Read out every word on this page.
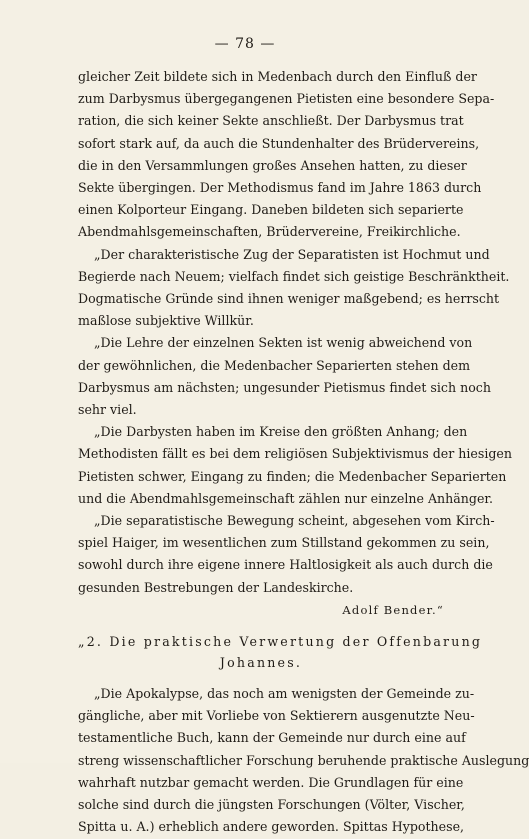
— 78 —
gleicher Zeit bildete sich in Medenbach durch den Einfluß der
zum Darbysmus übergegangenen Pietisten eine besondere Sepa-
ration, die sich keiner Sekte anschließt. Der Darbysmus trat
sofort stark auf, da auch die Stundenhalter des Brüdervereins,
die in den Versammlungen großes Ansehen hatten, zu dieser
Sekte übergingen. Der Methodismus fand im Jahre 1863 durch
einen Kolporteur Eingang. Daneben bildeten sich separierte
Abendmahlsgemeinschaften, Brüdervereine, Freikirchliche.
„Der charakteristische Zug der Separatisten ist Hochmut und
Begierde nach Neuem; vielfach findet sich geistige Beschränktheit.
Dogmatische Gründe sind ihnen weniger maßgebend; es herrscht
maßlose subjektive Willkür.
„Die Lehre der einzelnen Sekten ist wenig abweichend von
der gewöhnlichen, die Medenbacher Separierten stehen dem
Darbysmus am nächsten; ungesunder Pietismus findet sich noch
sehr viel.
„Die Darbysten haben im Kreise den größten Anhang; den
Methodisten fällt es bei dem religiösen Subjektivismus der hiesigen
Pietisten schwer, Eingang zu finden; die Medenbacher Separierten
und die Abendmahlsgemeinschaft zählen nur einzelne Anhänger.
„Die separatistische Bewegung scheint, abgesehen vom Kirch-
spiel Haiger, im wesentlichen zum Stillstand gekommen zu sein,
sowohl durch ihre eigene innere Haltlosigkeit als auch durch die
gesunden Bestrebungen der Landeskirche.
Adolf Bender.“
„2. Die praktische Verwertung der Offenbarung
Johannes.
„Die Apokalypse, das noch am wenigsten der Gemeinde zu-
gängliche, aber mit Vorliebe von Sektierern ausgenutzte Neu-
testamentliche Buch, kann der Gemeinde nur durch eine auf
streng wissenschaftlicher Forschung beruhende praktische Auslegung
wahrhaft nutzbar gemacht werden. Die Grundlagen für eine
solche sind durch die jüngsten Forschungen (Völter, Vischer,
Spitta u. A.) erheblich andere geworden. Spittas Hypothese,
